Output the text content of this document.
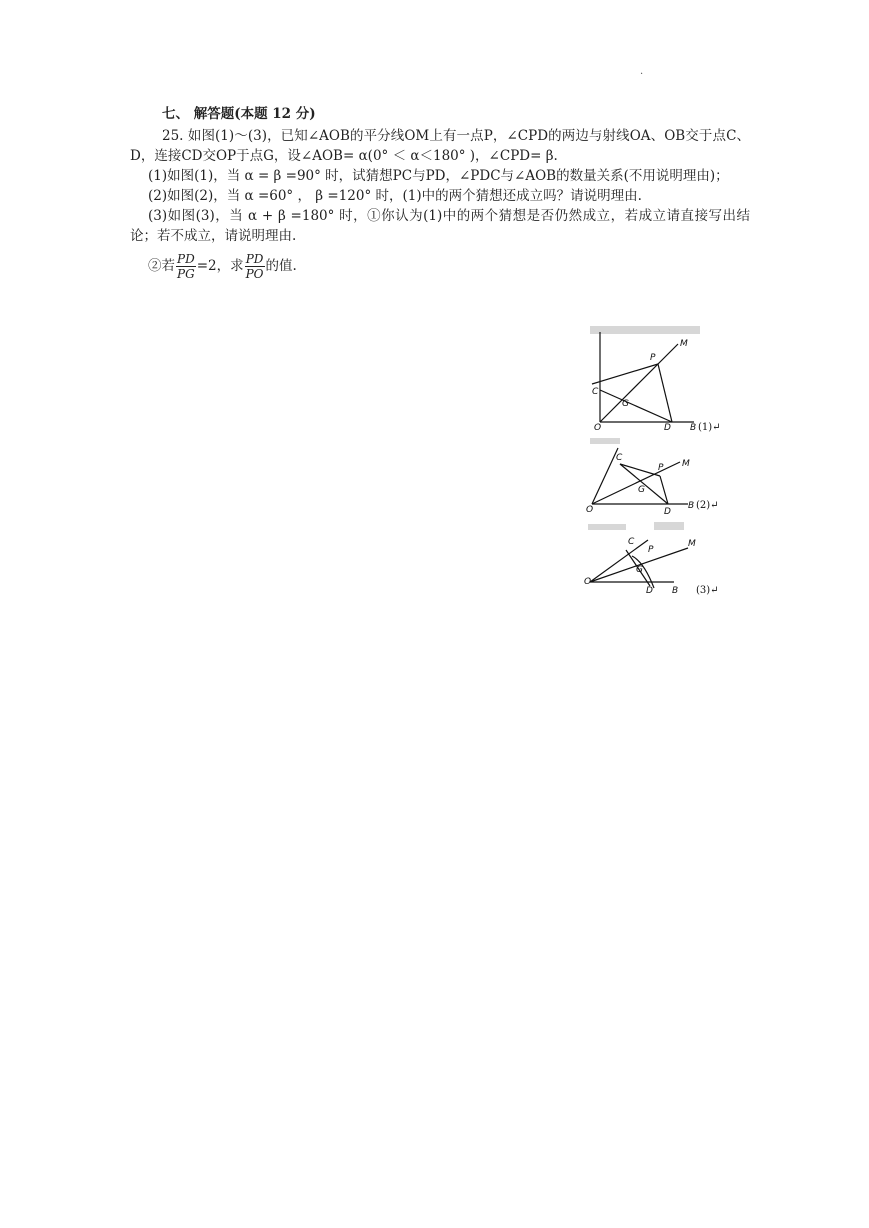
.
七、 解答题(本题 12 分)

25. 如图(1)～(3)，已知∠AOB的平分线OM上有一点P，∠CPD的两边与射线OA、OB交于点C、D，连接CD交OP于点G，设∠AOB= α(0° ＜ α＜180° )，∠CPD= β.

(1)如图(1)，当 α = β =90° 时，试猜想PC与PD，∠PDC与∠AOB的数量关系(不用说明理由)；

(2)如图(2)，当 α =60° ， β =120° 时，(1)中的两个猜想还成立吗？请说明理由.

(3)如图(3)，当 α + β =180° 时，①你认为(1)中的两个猜想是否仍然成立，若成立请直接写出结论；若不成立，请说明理由.

②若 $\frac{PD}{PG} =2$，求 $\frac{PD}{PO}$ 的值.
P
M
C
G
O	D B (1)↵
C
P M
G
O	D
B (2)↵
C
P
M
G
O
D B (3)↵
